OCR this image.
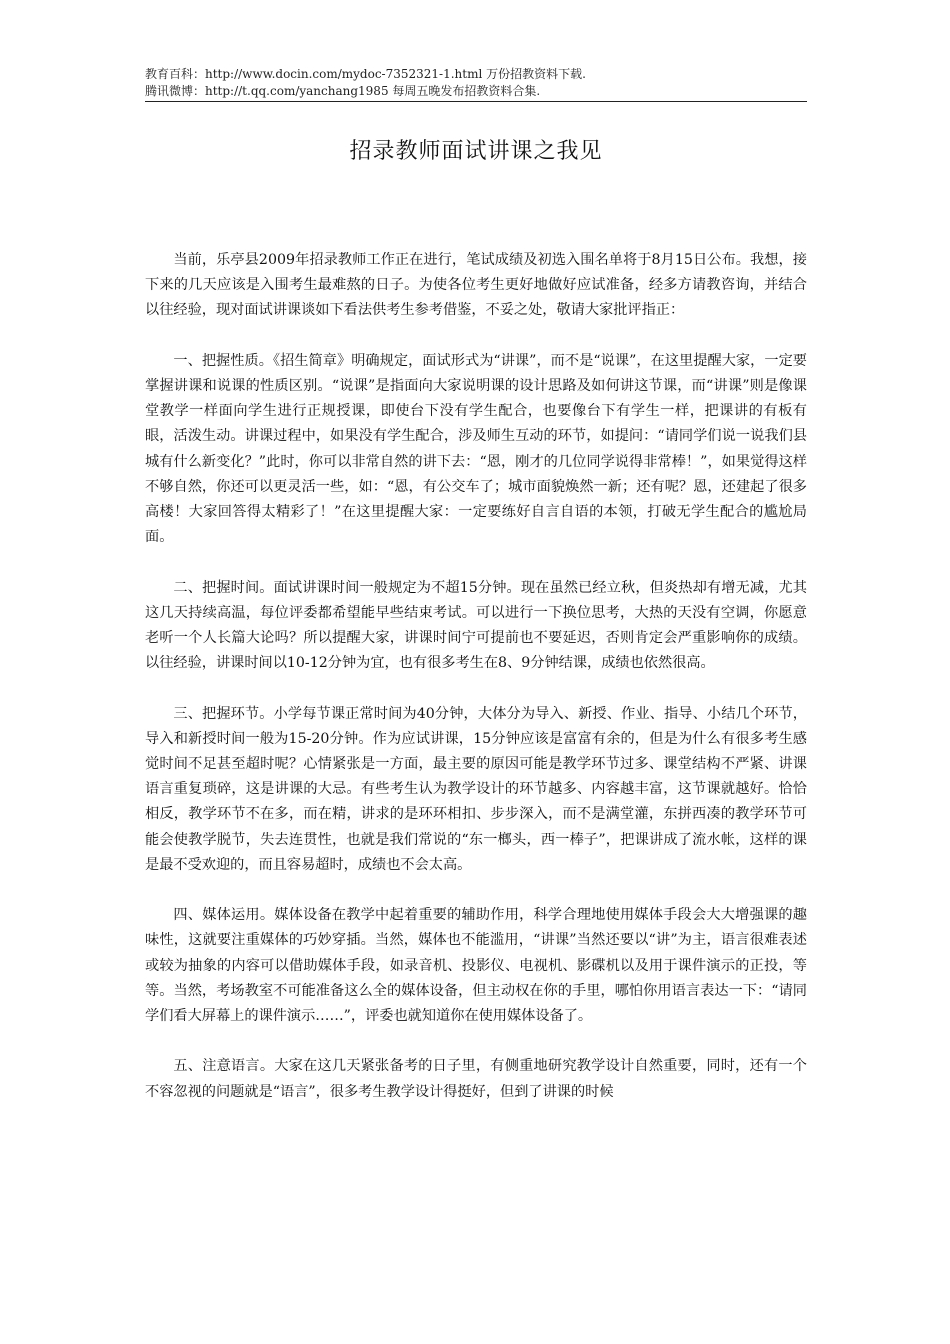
教育百科：http://www.docin.com/mydoc-7352321-1.html 万份招教资料下载.
腾讯微博：http://t.qq.com/yanchang1985 每周五晚发布招教资料合集.
招录教师面试讲课之我见

当前，乐亭县2009年招录教师工作正在进行，笔试成绩及初选入围名单将于8月15日公布。我想，接下来的几天应该是入围考生最难熬的日子。为使各位考生更好地做好应试准备，经多方请教咨询，并结合以往经验，现对面试讲课谈如下看法供考生参考借鉴，不妥之处，敬请大家批评指正：

一、把握性质。《招生简章》明确规定，面试形式为“讲课”，而不是“说课”，在这里提醒大家，一定要掌握讲课和说课的性质区别。“说课”是指面向大家说明课的设计思路及如何讲这节课，而“讲课”则是像课堂教学一样面向学生进行正规授课，即使台下没有学生配合，也要像台下有学生一样，把课讲的有板有眼，活泼生动。讲课过程中，如果没有学生配合，涉及师生互动的环节，如提问：“请同学们说一说我们县城有什么新变化？”此时，你可以非常自然的讲下去：“恩，刚才的几位同学说得非常棒！”，如果觉得这样不够自然，你还可以更灵活一些，如：“恩，有公交车了；城市面貌焕然一新；还有呢？恩，还建起了很多高楼！大家回答得太精彩了！”在这里提醒大家：一定要练好自言自语的本领，打破无学生配合的尴尬局面。

二、把握时间。面试讲课时间一般规定为不超15分钟。现在虽然已经立秋，但炎热却有增无减，尤其这几天持续高温，每位评委都希望能早些结束考试。可以进行一下换位思考，大热的天没有空调，你愿意老听一个人长篇大论吗？所以提醒大家，讲课时间宁可提前也不要延迟，否则肯定会严重影响你的成绩。以往经验，讲课时间以10-12分钟为宜，也有很多考生在8、9分钟结课，成绩也依然很高。

三、把握环节。小学每节课正常时间为40分钟，大体分为导入、新授、作业、指导、小结几个环节，导入和新授时间一般为15-20分钟。作为应试讲课，15分钟应该是富富有余的，但是为什么有很多考生感觉时间不足甚至超时呢？心情紧张是一方面，最主要的原因可能是教学环节过多、课堂结构不严紧、讲课语言重复琐碎，这是讲课的大忌。有些考生认为教学设计的环节越多、内容越丰富，这节课就越好。恰恰相反，教学环节不在多，而在精，讲求的是环环相扣、步步深入，而不是满堂灌，东拼西凑的教学环节可能会使教学脱节，失去连贯性，也就是我们常说的“东一榔头，西一棒子”，把课讲成了流水帐，这样的课是最不受欢迎的，而且容易超时，成绩也不会太高。

四、媒体运用。媒体设备在教学中起着重要的辅助作用，科学合理地使用媒体手段会大大增强课的趣味性，这就要注重媒体的巧妙穿插。当然，媒体也不能滥用，“讲课”当然还要以“讲”为主，语言很难表述或较为抽象的内容可以借助媒体手段，如录音机、投影仪、电视机、影碟机以及用于课件演示的正投，等等。当然，考场教室不可能准备这么全的媒体设备，但主动权在你的手里，哪怕你用语言表达一下：“请同学们看大屏幕上的课件演示……”，评委也就知道你在使用媒体设备了。

五、注意语言。大家在这几天紧张备考的日子里，有侧重地研究教学设计自然重要，同时，还有一个不容忽视的问题就是“语言”，很多考生教学设计得挺好，但到了讲课的时候
